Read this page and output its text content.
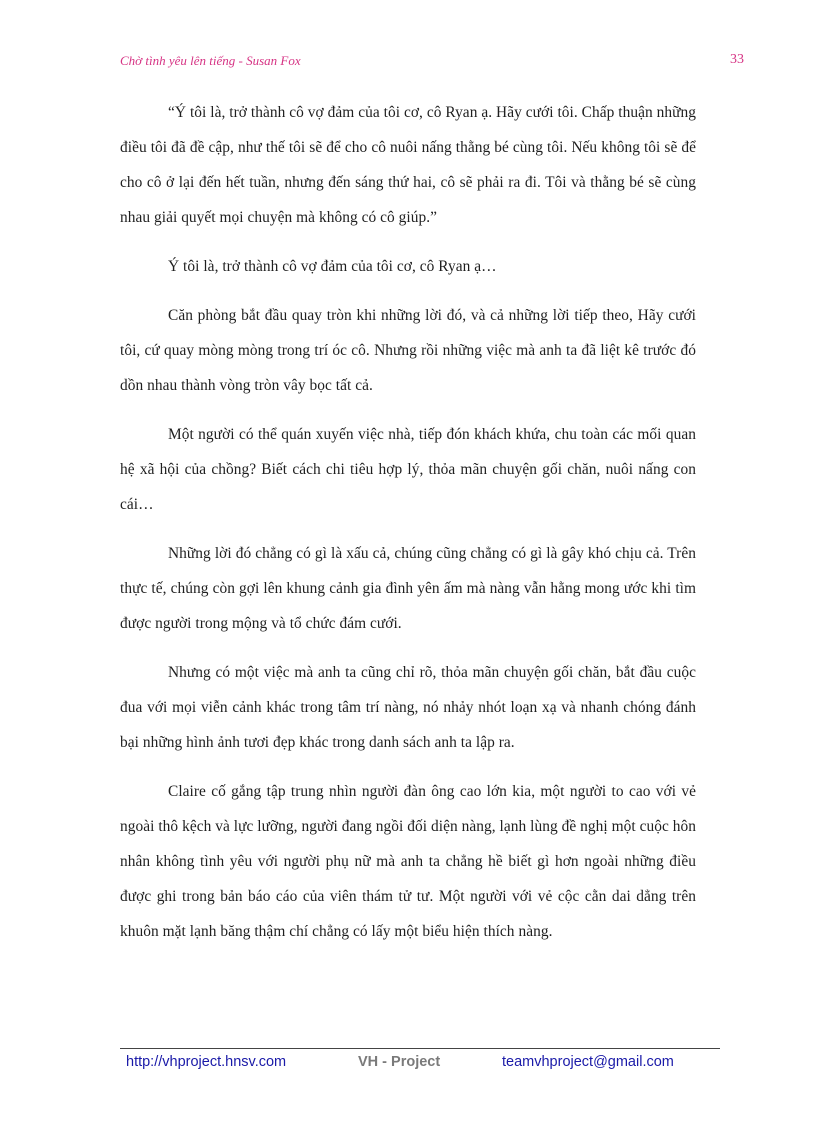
Chờ tình yêu lên tiếng - Susan Fox	33

“Ý tôi là, trở thành cô vợ đảm của tôi cơ, cô Ryan ạ. Hãy cưới tôi. Chấp thuận những điều tôi đã đề cập, như thế tôi sẽ để cho cô nuôi nấng thằng bé cùng tôi. Nếu không tôi sẽ để cho cô ở lại đến hết tuần, nhưng đến sáng thứ hai, cô sẽ phải ra đi. Tôi và thằng bé sẽ cùng nhau giải quyết mọi chuyện mà không có cô giúp.”

Ý tôi là, trở thành cô vợ đảm của tôi cơ, cô Ryan ạ…

Căn phòng bắt đầu quay tròn khi những lời đó, và cả những lời tiếp theo, Hãy cưới tôi, cứ quay mòng mòng trong trí óc cô. Nhưng rồi những việc mà anh ta đã liệt kê trước đó dồn nhau thành vòng tròn vây bọc tất cả.

Một người có thể quán xuyến việc nhà, tiếp đón khách khứa, chu toàn các mối quan hệ xã hội của chồng? Biết cách chi tiêu hợp lý, thỏa mãn chuyện gối chăn, nuôi nấng con cái…

Những lời đó chẳng có gì là xấu cả, chúng cũng chẳng có gì là gây khó chịu cả. Trên thực tế, chúng còn gợi lên khung cảnh gia đình yên ấm mà nàng vẫn hằng mong ước khi tìm được người trong mộng và tổ chức đám cưới.

Nhưng có một việc mà anh ta cũng chỉ rõ, thỏa mãn chuyện gối chăn, bắt đầu cuộc đua với mọi viễn cảnh khác trong tâm trí nàng, nó nhảy nhót loạn xạ và nhanh chóng đánh bại những hình ảnh tươi đẹp khác trong danh sách anh ta lập ra.

Claire cố gắng tập trung nhìn người đàn ông cao lớn kia, một người to cao với vẻ ngoài thô kệch và lực lưỡng, người đang ngồi đối diện nàng, lạnh lùng đề nghị một cuộc hôn nhân không tình yêu với người phụ nữ mà anh ta chẳng hề biết gì hơn ngoài những điều được ghi trong bản báo cáo của viên thám tử tư. Một người với vẻ cộc cằn dai dẳng trên khuôn mặt lạnh băng thậm chí chẳng có lấy một biểu hiện thích nàng.

http://vhproject.hnsv.com	VH - Project	teamvhproject@gmail.com
